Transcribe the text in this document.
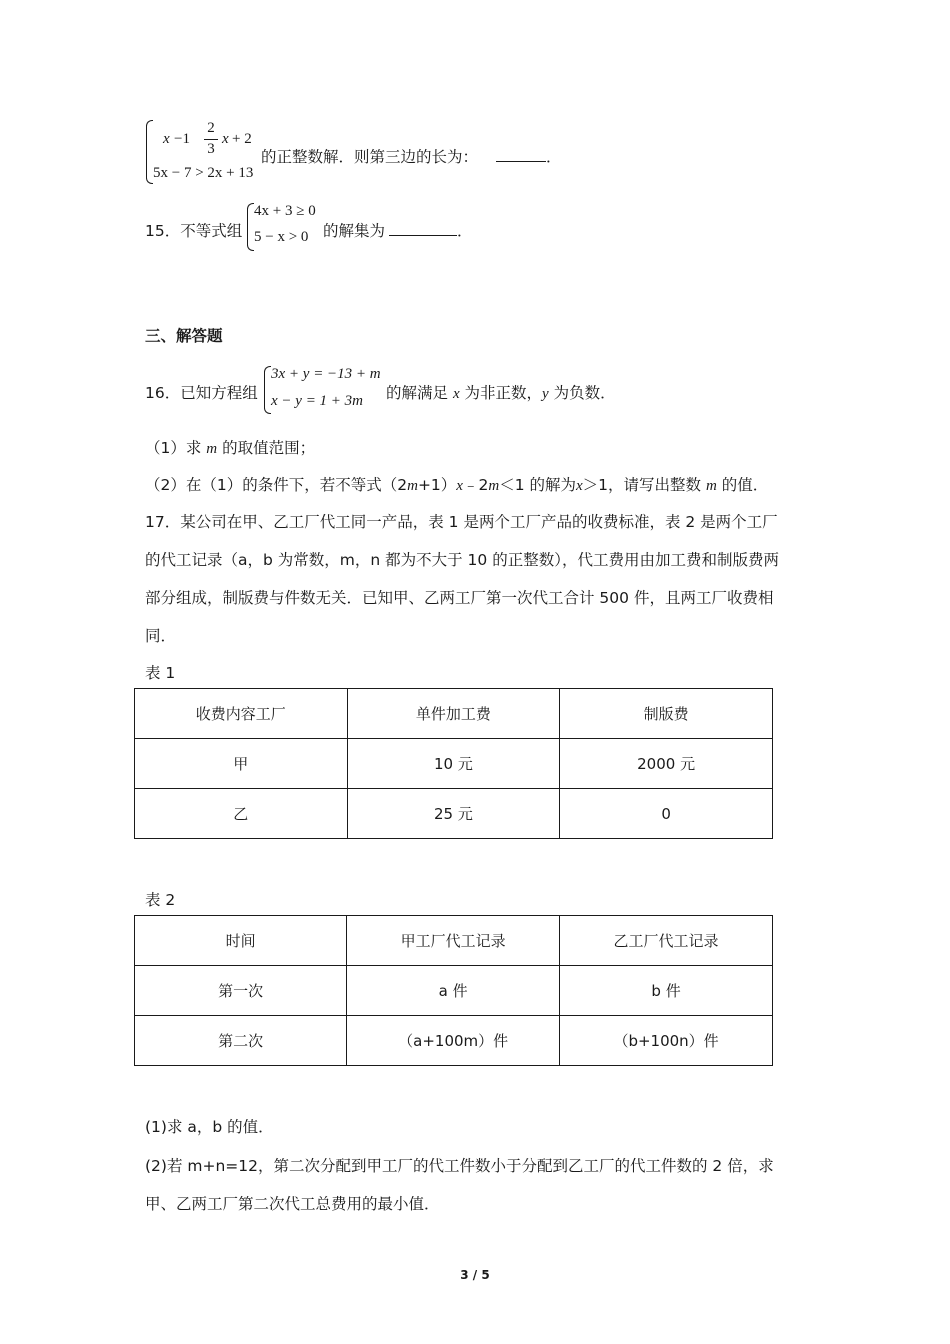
x −1
2
3
x + 2
5x − 7 > 2x + 13
的正整数解．则第三边的长为：	．
15．不等式组
4x + 3 ≥ 0
5 − x > 0 的解集为	．
三、解答题
16．已知方程组
3x + y = −13 + m
x − y = 1 + 3m 的解满足 x 为非正数，y 为负数．
（1）求 m 的取值范围；
（2）在（1）的条件下，若不等式（2m+1）x﹣2m＜1 的解为x＞1，请写出整数 m 的值．
17．某公司在甲、乙工厂代工同一产品，表 1 是两个工厂产品的收费标准，表 2 是两个工厂
的代工记录（a，b 为常数，m，n 都为不大于 10 的正整数），代工费用由加工费和制版费两
部分组成，制版费与件数无关．已知甲、乙两工厂第一次代工合计 500 件，且两工厂收费相
同．
表 1
收费内容工厂	单件加工费	制版费
甲	10 元	2000 元
乙	25 元	0
表 2
时间	甲工厂代工记录	乙工厂代工记录
第一次	a 件	b 件
第二次	（a+100m）件	（b+100n）件
(1)求 a，b 的值．
(2)若 m+n=12，第二次分配到甲工厂的代工件数小于分配到乙工厂的代工件数的 2 倍，求
甲、乙两工厂第二次代工总费用的最小值．
3 / 5
